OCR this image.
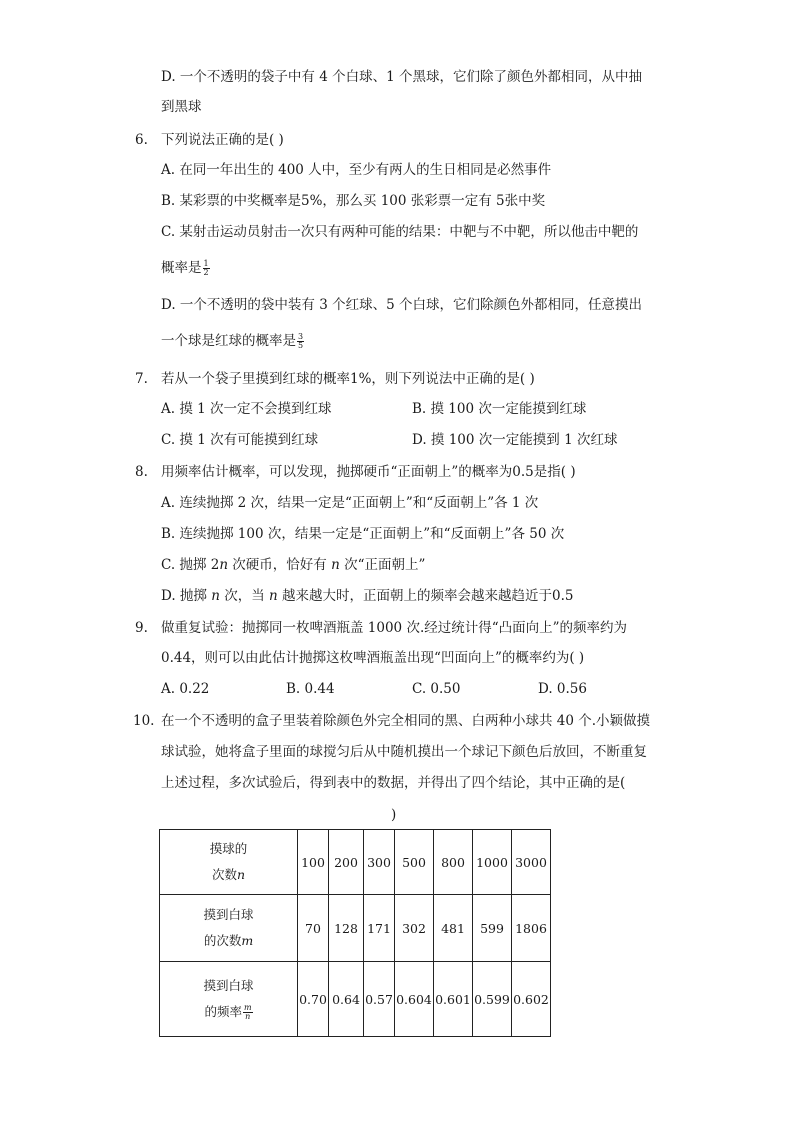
D. 一个不透明的袋子中有 4 个白球、1 个黑球，它们除了颜色外都相同，从中抽
到黑球
6. 下列说法正确的是( )
A. 在同一年出生的 400 人中，至少有两人的生日相同是必然事件
B. 某彩票的中奖概率是5%，那么买 100 张彩票一定有 5张中奖
C. 某射击运动员射击一次只有两种可能的结果：中靶与不中靶，所以他击中靶的
概率是 $\frac{1}{2}$
D. 一个不透明的袋中装有 3 个红球、5 个白球，它们除颜色外都相同，任意摸出
一个球是红球的概率是 $\frac{3}{5}$
7. 若从一个袋子里摸到红球的概率1%，则下列说法中正确的是( )
A. 摸 1 次一定不会摸到红球	B. 摸 100 次一定能摸到红球
C. 摸 1 次有可能摸到红球	D. 摸 100 次一定能摸到 1 次红球
8. 用频率估计概率，可以发现，抛掷硬币“正面朝上”的概率为0.5是指( )
A. 连续抛掷 2 次，结果一定是“正面朝上”和“反面朝上”各 1 次
B. 连续抛掷 100 次，结果一定是“正面朝上”和“反面朝上”各 50 次
C. 抛掷 2n 次硬币，恰好有 n 次“正面朝上”
D. 抛掷 n 次，当 n 越来越大时，正面朝上的频率会越来越趋近于0.5
9. 做重复试验：抛掷同一枚啤酒瓶盖 1000 次.经过统计得“凸面向上”的频率约为
0.44，则可以由此估计抛掷这枚啤酒瓶盖出现“凹面向上”的概率约为( )
A. 0.22	B. 0.44	C. 0.50	D. 0.56
10. 在一个不透明的盒子里装着除颜色外完全相同的黑、白两种小球共 40 个.小颖做摸
球试验，她将盒子里面的球搅匀后从中随机摸出一个球记下颜色后放回，不断重复
上述过程，多次试验后，得到表中的数据，并得出了四个结论，其中正确的是(
)
摸球的
次数n	100	200	300	500	800	1000	3000

摸到白球
的次数m	70	128	171	302	481	599	1806

摸到白球
的频率 $\frac{m}{n}$	0.70	0.64	0.57	0.604	0.601	0.599	0.602
